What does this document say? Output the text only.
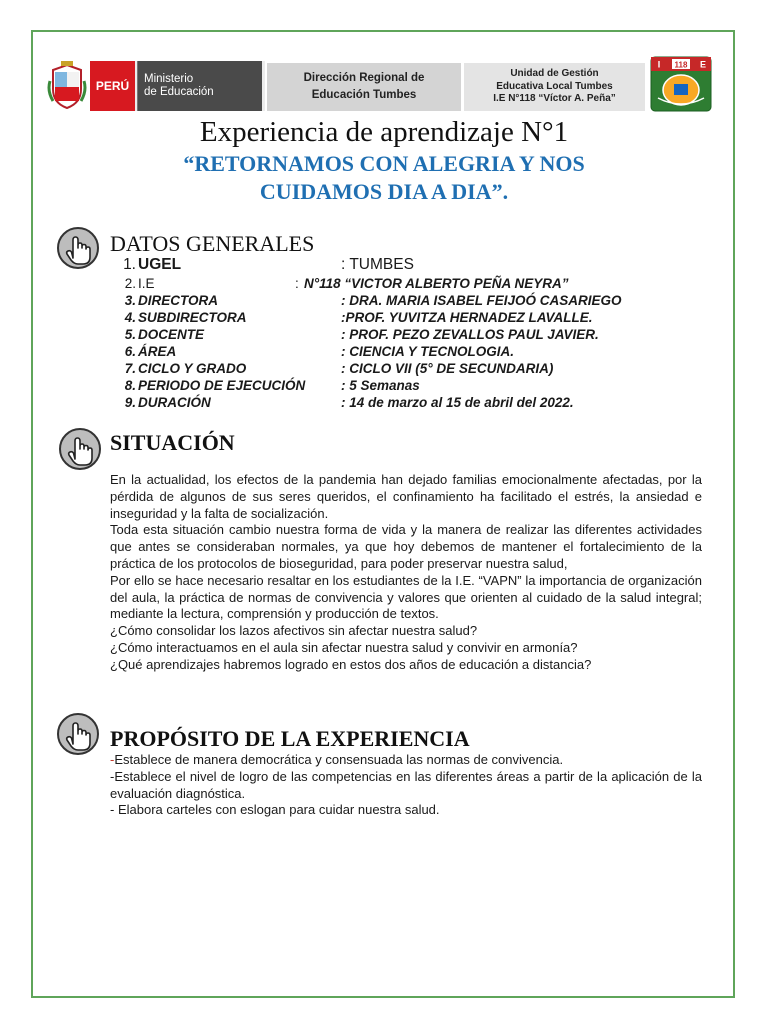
PERÚ	Ministerio
de Educación
Dirección Regional de
Educación Tumbes
Unidad de Gestión
Educativa Local Tumbes
I.E N°118 “Víctor A. Peña”
118
I	E
Experiencia de aprendizaje N°1
“RETORNAMOS CON ALEGRIA Y NOS
CUIDAMOS DIA A DIA”.
DATOS GENERALES
1. UGEL	: TUMBES
2. I.E	: N°118 “VICTOR ALBERTO PEÑA NEYRA”
3. DIRECTORA	: DRA. MARIA ISABEL FEIJOÓ CASARIEGO
4. SUBDIRECTORA	:PROF. YUVITZA HERNADEZ LAVALLE.
5. DOCENTE	: PROF. PEZO ZEVALLOS PAUL JAVIER.
6. ÁREA	: CIENCIA Y TECNOLOGIA.
7. CICLO Y GRADO	: CICLO VII (5° DE SECUNDARIA)
8. PERIODO DE EJECUCIÓN	: 5 Semanas
9. DURACIÓN	: 14 de marzo al 15 de abril del 2022.
SITUACIÓN

En la actualidad, los efectos de la pandemia han dejado familias emocionalmente afectadas, por la pérdida de algunos de sus seres queridos, el confinamiento ha facilitado el estrés, la ansiedad e inseguridad y la falta de socialización.

Toda esta situación cambio nuestra forma de vida y la manera de realizar las diferentes actividades que antes se consideraban normales, ya que hoy debemos de mantener el fortalecimiento de la práctica de los protocolos de bioseguridad, para poder preservar nuestra salud,

Por ello se hace necesario resaltar en los estudiantes de la I.E. “VAPN” la importancia de organización del aula, la práctica de normas de convivencia y valores que orienten al cuidado de la salud integral; mediante la lectura, comprensión y producción de textos.

¿Cómo consolidar los lazos afectivos sin afectar nuestra salud?

¿Cómo interactuamos en el aula sin afectar nuestra salud y convivir en armonía?

¿Qué aprendizajes habremos logrado en estos dos años de educación a distancia?

PROPÓSITO DE LA EXPERIENCIA

-Establece de manera democrática y consensuada las normas de convivencia.

-Establece el nivel de logro de las competencias en las diferentes áreas a partir de la aplicación de la evaluación diagnóstica.

- Elabora carteles con eslogan para cuidar nuestra salud.
